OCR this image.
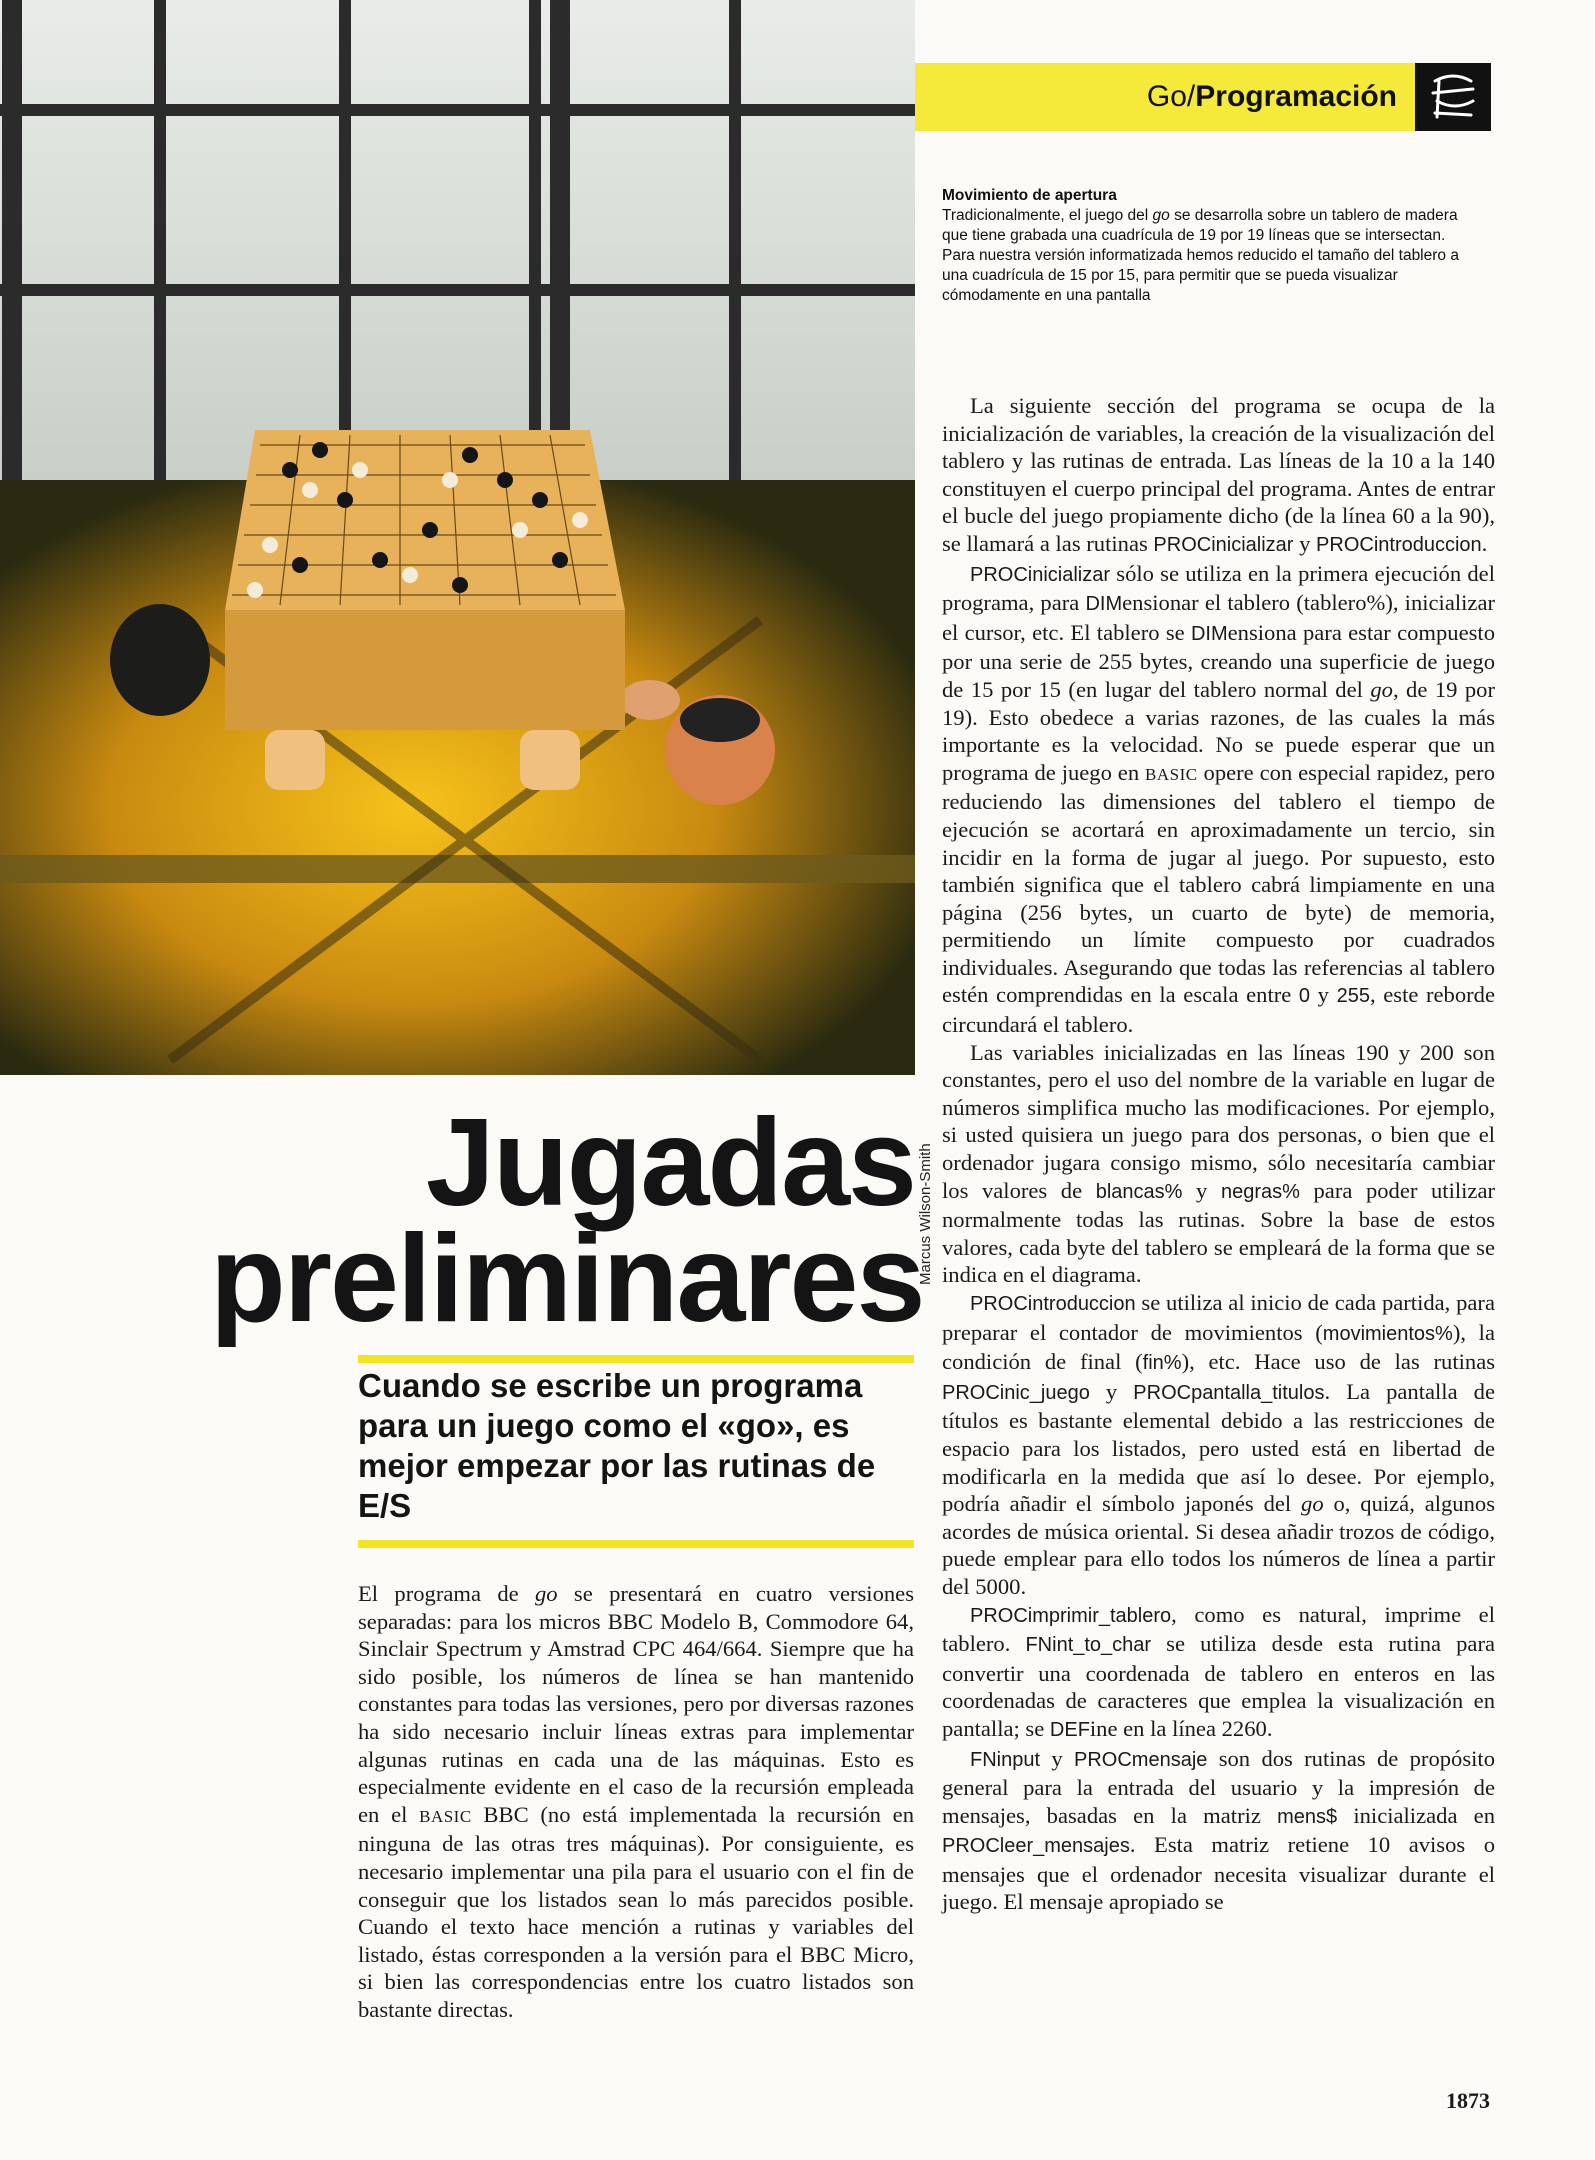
Marcus Wilson-Smith
Go/Programación
Movimiento de apertura
Tradicionalmente, el juego del go se desarrolla sobre un tablero de madera que tiene grabada una cuadrícula de 19 por 19 líneas que se intersectan. Para nuestra versión informatizada hemos reducido el tamaño del tablero a una cuadrícula de 15 por 15, para permitir que se pueda visualizar cómodamente en una pantalla
Jugadas
preliminares
Cuando se escribe un programa para un juego como el «go», es mejor empezar por las rutinas de E/S

El programa de go se presentará en cuatro versiones separadas: para los micros BBC Modelo B, Commodore 64, Sinclair Spectrum y Amstrad CPC 464/664. Siempre que ha sido posible, los números de línea se han mantenido constantes para todas las versiones, pero por diversas razones ha sido necesario incluir líneas extras para implementar algunas rutinas en cada una de las máquinas. Esto es especialmente evidente en el caso de la recursión empleada en el BASIC BBC (no está implementada la recursión en ninguna de las otras tres máquinas). Por consiguiente, es necesario implementar una pila para el usuario con el fin de conseguir que los listados sean lo más parecidos posible. Cuando el texto hace mención a rutinas y variables del listado, éstas corresponden a la versión para el BBC Micro, si bien las correspondencias entre los cuatro listados son bastante directas.

La siguiente sección del programa se ocupa de la inicialización de variables, la creación de la visualización del tablero y las rutinas de entrada. Las líneas de la 10 a la 140 constituyen el cuerpo principal del programa. Antes de entrar el bucle del juego propiamente dicho (de la línea 60 a la 90), se llamará a las rutinas PROCinicializar y PROCintroduccion.

PROCinicializar sólo se utiliza en la primera ejecución del programa, para DIMensionar el tablero (tablero%), inicializar el cursor, etc. El tablero se DIMensiona para estar compuesto por una serie de 255 bytes, creando una superficie de juego de 15 por 15 (en lugar del tablero normal del go, de 19 por 19). Esto obedece a varias razones, de las cuales la más importante es la velocidad. No se puede esperar que un programa de juego en BASIC opere con especial rapidez, pero reduciendo las dimensiones del tablero el tiempo de ejecución se acortará en aproximadamente un tercio, sin incidir en la forma de jugar al juego. Por supuesto, esto también significa que el tablero cabrá limpiamente en una página (256 bytes, un cuarto de byte) de memoria, permitiendo un límite compuesto por cuadrados individuales. Asegurando que todas las referencias al tablero estén comprendidas en la escala entre 0 y 255, este reborde circundará el tablero.

Las variables inicializadas en las líneas 190 y 200 son constantes, pero el uso del nombre de la variable en lugar de números simplifica mucho las modificaciones. Por ejemplo, si usted quisiera un juego para dos personas, o bien que el ordenador jugara consigo mismo, sólo necesitaría cambiar los valores de blancas% y negras% para poder utilizar normalmente todas las rutinas. Sobre la base de estos valores, cada byte del tablero se empleará de la forma que se indica en el diagrama.

PROCintroduccion se utiliza al inicio de cada partida, para preparar el contador de movimientos (movimientos%), la condición de final (fin%), etc. Hace uso de las rutinas PROCinic_juego y PROCpantalla_titulos. La pantalla de títulos es bastante elemental debido a las restricciones de espacio para los listados, pero usted está en libertad de modificarla en la medida que así lo desee. Por ejemplo, podría añadir el símbolo japonés del go o, quizá, algunos acordes de música oriental. Si desea añadir trozos de código, puede emplear para ello todos los números de línea a partir del 5000.

PROCimprimir_tablero, como es natural, imprime el tablero. FNint_to_char se utiliza desde esta rutina para convertir una coordenada de tablero en enteros en las coordenadas de caracteres que emplea la visualización en pantalla; se DEFine en la línea 2260.

FNinput y PROCmensaje son dos rutinas de propósito general para la entrada del usuario y la impresión de mensajes, basadas en la matriz mens$ inicializada en PROCleer_mensajes. Esta matriz retiene 10 avisos o mensajes que el ordenador necesita visualizar durante el juego. El mensaje apropiado se

1873
